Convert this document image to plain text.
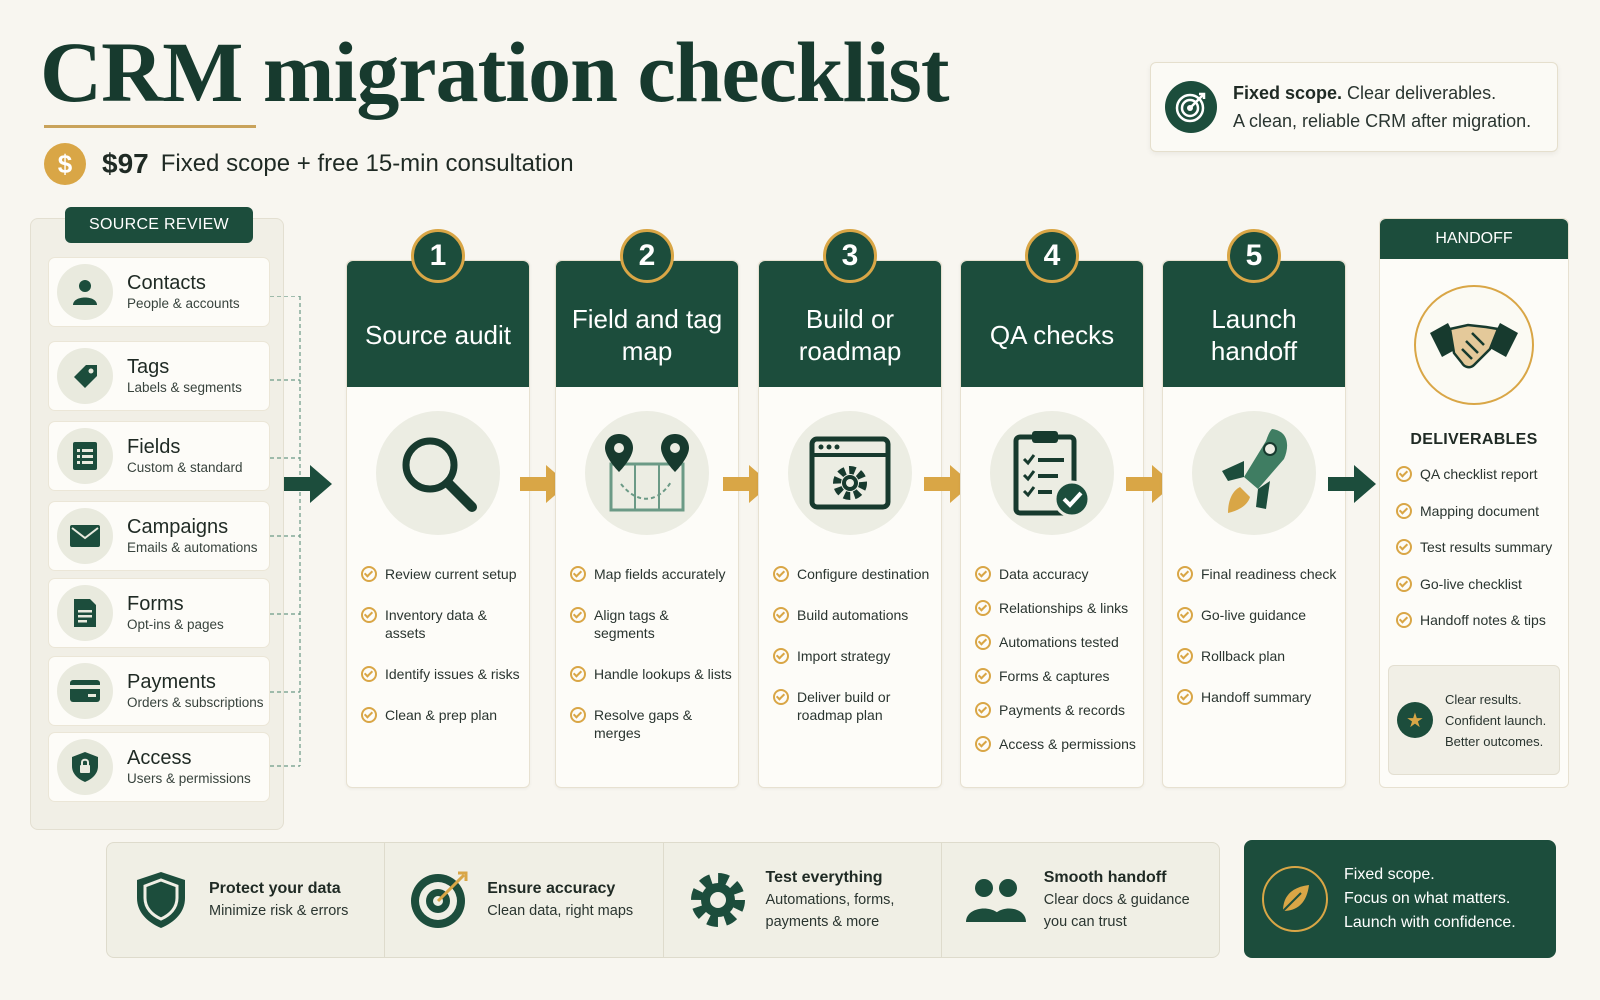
CRM migration checklist
$	$97 Fixed scope + free 15-min consultation
Fixed scope. Clear deliverables.
A clean, reliable CRM after migration.
SOURCE REVIEW
Contacts
People & accounts
Tags
Labels & segments
Fields
Custom & standard
Campaigns
Emails & automations
Forms
Opt-ins & pages
Payments
Orders & subscriptions
Access
Users & permissions
Source audit
1
Review current setup
Inventory data & assets
Identify issues & risks
Clean & prep plan
Field and tag map
2
Map fields accurately
Align tags & segments
Handle lookups & lists
Resolve gaps & merges
Build or roadmap
3
Configure destination
Build automations
Import strategy
Deliver build or roadmap plan
QA checks
4
Data accuracy
Relationships & links
Automations tested
Forms & captures
Payments & records
Access & permissions
Launch handoff
5
Final readiness check
Go-live guidance
Rollback plan
Handoff summary
HANDOFF
DELIVERABLES
QA checklist report
Mapping document
Test results summary
Go-live checklist
Handoff notes & tips
★
Clear results.
Confident launch.
Better outcomes.
Protect your data
Minimize risk & errors
Ensure accuracy
Clean data, right maps
Test everything
Automations, forms,
payments & more
Smooth handoff
Clear docs & guidance
you can trust
Fixed scope.
Focus on what matters.
Launch with confidence.
